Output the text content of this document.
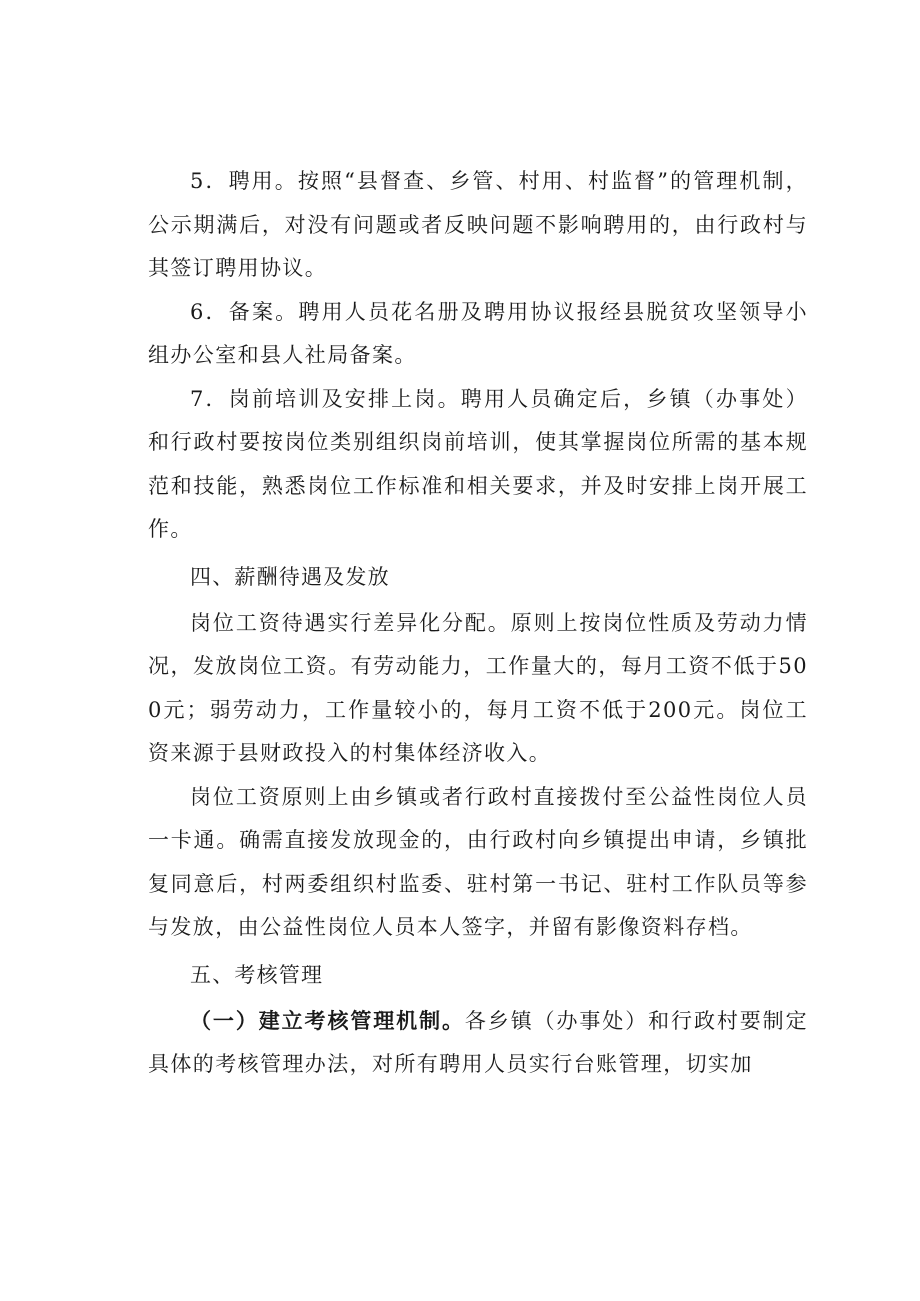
5．聘用。按照“县督查、乡管、村用、村监督”的管理机制，公示期满后，对没有问题或者反映问题不影响聘用的，由行政村与其签订聘用协议。

6．备案。聘用人员花名册及聘用协议报经县脱贫攻坚领导小组办公室和县人社局备案。

7．岗前培训及安排上岗。聘用人员确定后，乡镇（办事处）和行政村要按岗位类别组织岗前培训，使其掌握岗位所需的基本规范和技能，熟悉岗位工作标准和相关要求，并及时安排上岗开展工作。

四、薪酬待遇及发放

岗位工资待遇实行差异化分配。原则上按岗位性质及劳动力情况，发放岗位工资。有劳动能力，工作量大的，每月工资不低于500元；弱劳动力，工作量较小的，每月工资不低于200元。岗位工资来源于县财政投入的村集体经济收入。

岗位工资原则上由乡镇或者行政村直接拨付至公益性岗位人员一卡通。确需直接发放现金的，由行政村向乡镇提出申请，乡镇批复同意后，村两委组织村监委、驻村第一书记、驻村工作队员等参与发放，由公益性岗位人员本人签字，并留有影像资料存档。

五、考核管理

（一）建立考核管理机制。各乡镇（办事处）和行政村要制定具体的考核管理办法，对所有聘用人员实行台账管理，切实加
